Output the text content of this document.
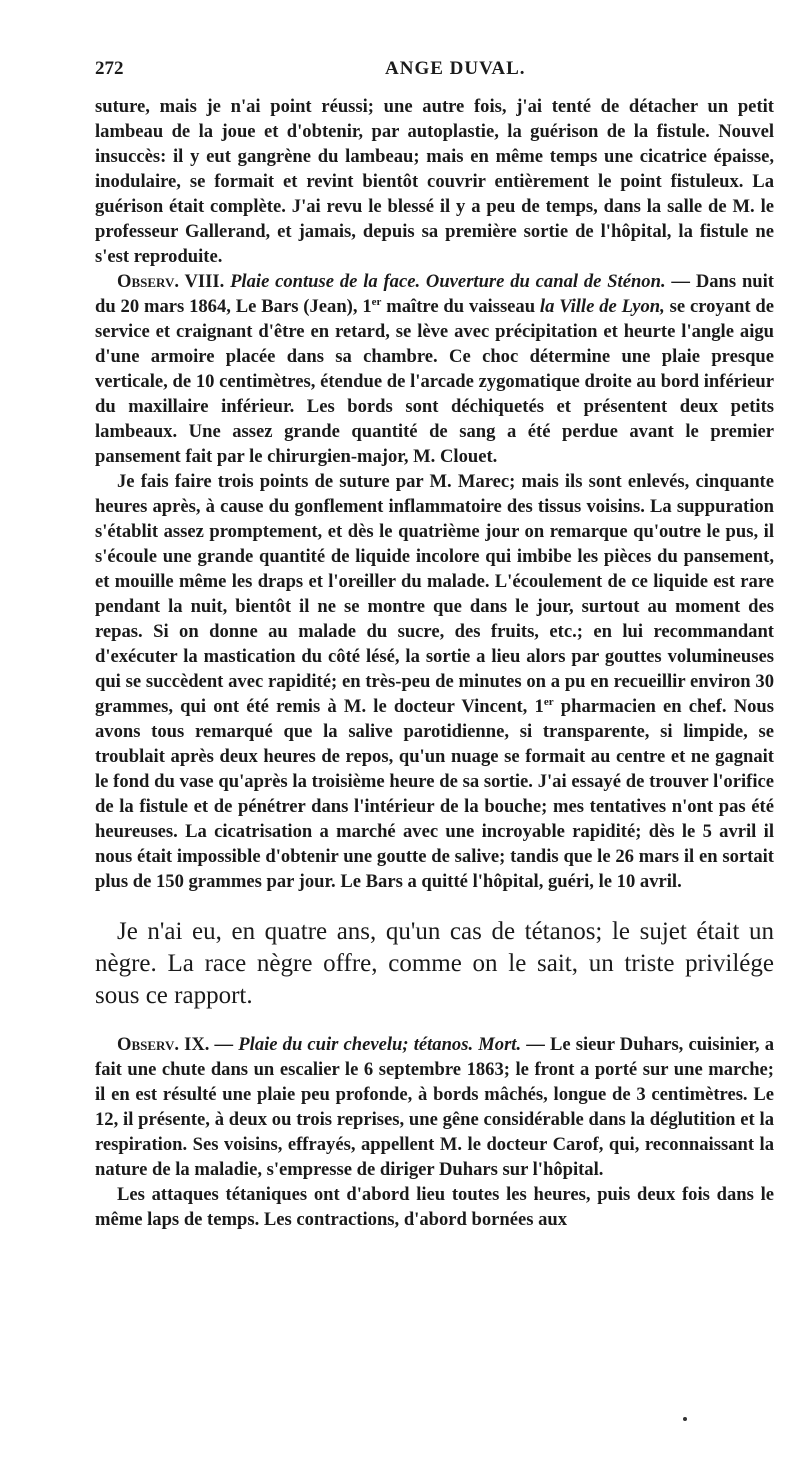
272	ANGE DUVAL.

suture, mais je n'ai point réussi; une autre fois, j'ai tenté de détacher un petit lambeau de la joue et d'obtenir, par autoplastie, la guérison de la fistule. Nouvel insuccès: il y eut gangrène du lambeau; mais en même temps une cicatrice épaisse, inodulaire, se formait et revint bientôt couvrir entièrement le point fistuleux. La guérison était complète. J'ai revu le blessé il y a peu de temps, dans la salle de M. le professeur Gallerand, et jamais, depuis sa première sortie de l'hôpital, la fistule ne s'est reproduite.

Observ. VIII. Plaie contuse de la face. Ouverture du canal de Sténon. — Dans nuit du 20 mars 1864, Le Bars (Jean), 1er maître du vaisseau la Ville de Lyon, se croyant de service et craignant d'être en retard, se lève avec précipitation et heurte l'angle aigu d'une armoire placée dans sa chambre. Ce choc détermine une plaie presque verticale, de 10 centimètres, étendue de l'arcade zygomatique droite au bord inférieur du maxillaire inférieur. Les bords sont déchiquetés et présentent deux petits lambeaux. Une assez grande quantité de sang a été perdue avant le premier pansement fait par le chirurgien-major, M. Clouet.

Je fais faire trois points de suture par M. Marec; mais ils sont enlevés, cinquante heures après, à cause du gonflement inflammatoire des tissus voisins. La suppuration s'établit assez promptement, et dès le quatrième jour on remarque qu'outre le pus, il s'écoule une grande quantité de liquide incolore qui imbibe les pièces du pansement, et mouille même les draps et l'oreiller du malade. L'écoulement de ce liquide est rare pendant la nuit, bientôt il ne se montre que dans le jour, surtout au moment des repas. Si on donne au malade du sucre, des fruits, etc.; en lui recommandant d'exécuter la mastication du côté lésé, la sortie a lieu alors par gouttes volumineuses qui se succèdent avec rapidité; en très-peu de minutes on a pu en recueillir environ 30 grammes, qui ont été remis à M. le docteur Vincent, 1er pharmacien en chef. Nous avons tous remarqué que la salive parotidienne, si transparente, si limpide, se troublait après deux heures de repos, qu'un nuage se formait au centre et ne gagnait le fond du vase qu'après la troisième heure de sa sortie. J'ai essayé de trouver l'orifice de la fistule et de pénétrer dans l'intérieur de la bouche; mes tentatives n'ont pas été heureuses. La cicatrisation a marché avec une incroyable rapidité; dès le 5 avril il nous était impossible d'obtenir une goutte de salive; tandis que le 26 mars il en sortait plus de 150 grammes par jour. Le Bars a quitté l'hôpital, guéri, le 10 avril.

Je n'ai eu, en quatre ans, qu'un cas de tétanos; le sujet était un nègre. La race nègre offre, comme on le sait, un triste privilége sous ce rapport.

Observ. IX. — Plaie du cuir chevelu; tétanos. Mort. — Le sieur Duhars, cuisinier, a fait une chute dans un escalier le 6 septembre 1863; le front a porté sur une marche; il en est résulté une plaie peu profonde, à bords mâchés, longue de 3 centimètres. Le 12, il présente, à deux ou trois reprises, une gêne considérable dans la déglutition et la respiration. Ses voisins, effrayés, appellent M. le docteur Carof, qui, reconnaissant la nature de la maladie, s'empresse de diriger Duhars sur l'hôpital.

Les attaques tétaniques ont d'abord lieu toutes les heures, puis deux fois dans le même laps de temps. Les contractions, d'abord bornées aux
